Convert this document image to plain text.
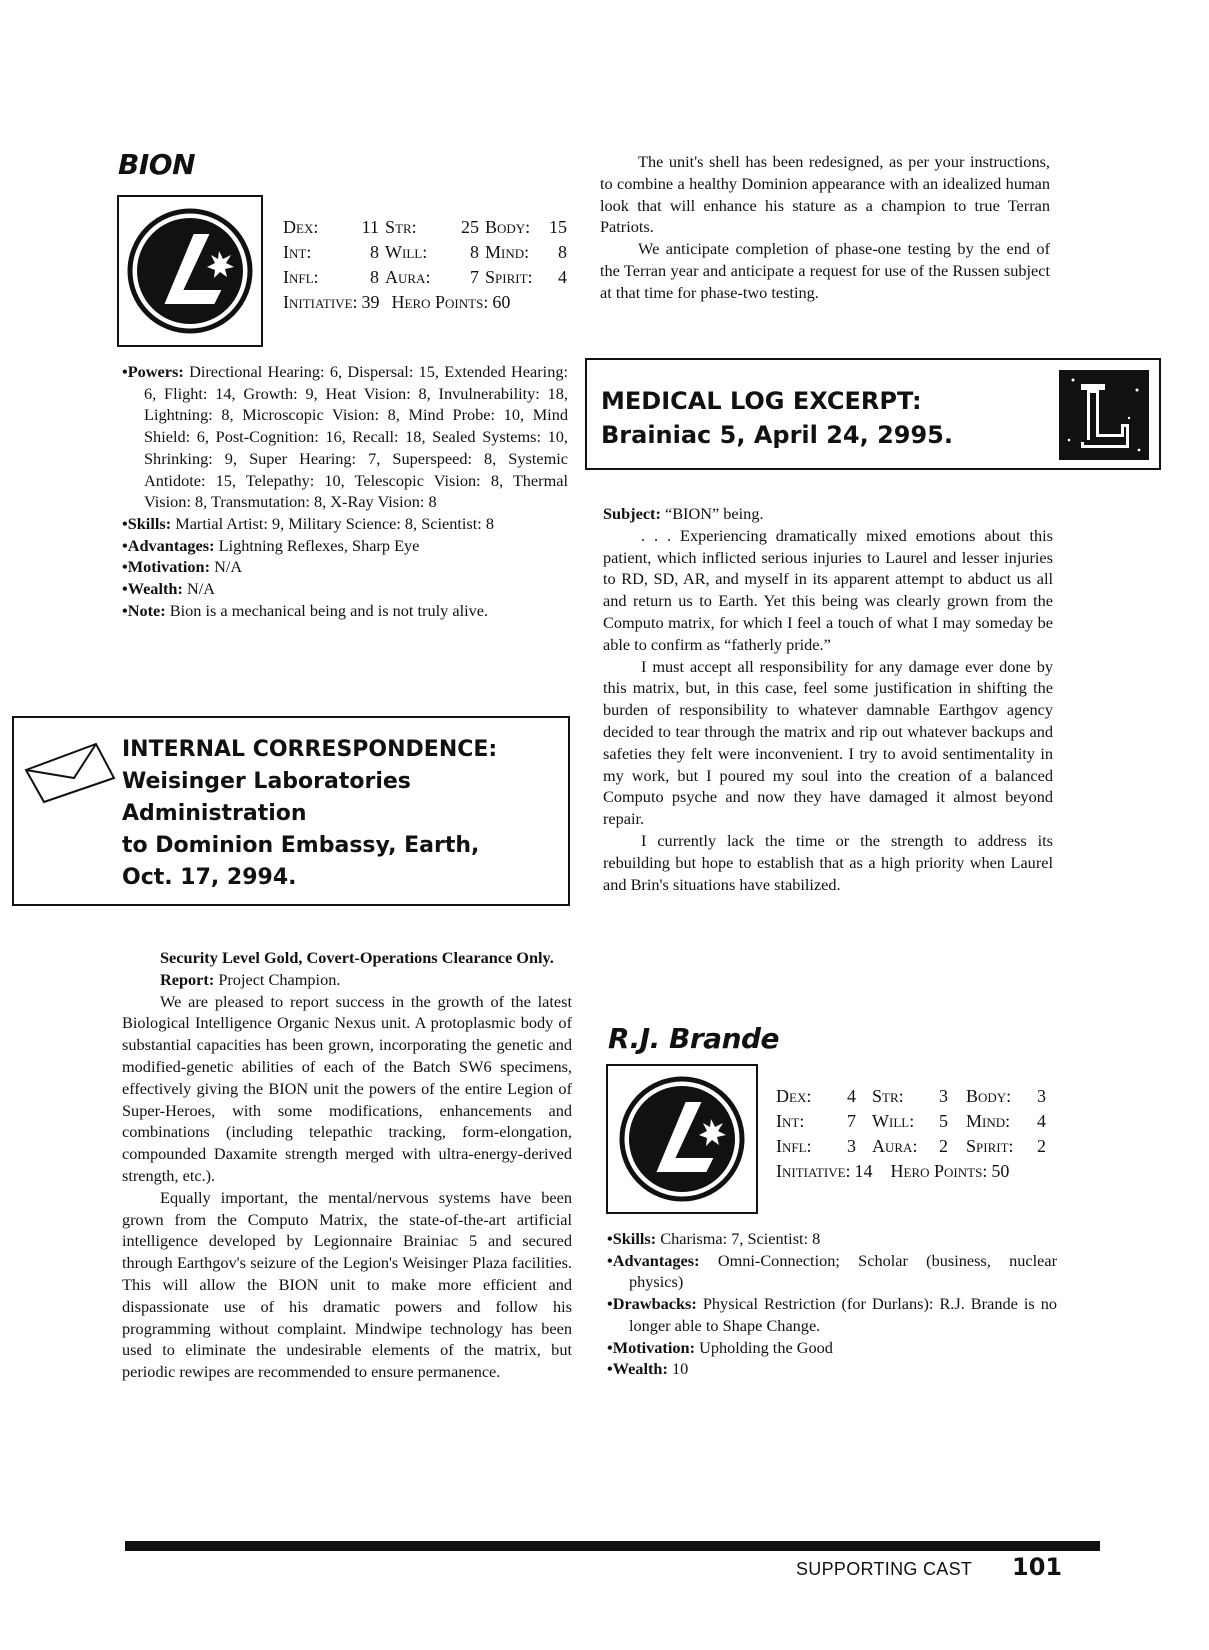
BION
Dex:	11 Str:	25 Body:	15
Int:	8 Will:	8 Mind:	8
Infl:	8 Aura:	7 Spirit:	4
Initiative: 39 Hero Points: 60
•Powers: Directional Hearing: 6, Dispersal: 15, Extended Hearing: 6, Flight: 14, Growth: 9, Heat Vision: 8, Invulnerability: 18, Lightning: 8, Microscopic Vision: 8, Mind Probe: 10, Mind Shield: 6, Post-Cognition: 16, Recall: 18, Sealed Systems: 10, Shrinking: 9, Super Hearing: 7, Superspeed: 8, Systemic Antidote: 15, Telepathy: 10, Telescopic Vision: 8, Thermal Vision: 8, Transmutation: 8, X-Ray Vision: 8
•Skills: Martial Artist: 9, Military Science: 8, Scientist: 8
•Advantages: Lightning Reflexes, Sharp Eye
•Motivation: N/A
•Wealth: N/A
•Note: Bion is a mechanical being and is not truly alive.
INTERNAL CORRESPONDENCE:
Weisinger Laboratories
Administration
to Dominion Embassy, Earth,
Oct. 17, 2994.

Security Level Gold, Covert-Operations Clearance Only.

Report: Project Champion.

We are pleased to report success in the growth of the latest Biological Intelligence Organic Nexus unit. A protoplasmic body of substantial capacities has been grown, incorporating the genetic and modified-genetic abilities of each of the Batch SW6 specimens, effectively giving the BION unit the powers of the entire Legion of Super-Heroes, with some modifications, enhancements and combinations (including telepathic tracking, form-elongation, compounded Daxamite strength merged with ultra-energy-derived strength, etc.).

Equally important, the mental/nervous systems have been grown from the Computo Matrix, the state-of-the-art artificial intelligence developed by Legionnaire Brainiac 5 and secured through Earthgov's seizure of the Legion's Weisinger Plaza facilities. This will allow the BION unit to make more efficient and dispassionate use of his dramatic powers and follow his programming without complaint. Mindwipe technology has been used to eliminate the undesirable elements of the matrix, but periodic rewipes are recommended to ensure permanence.

The unit's shell has been redesigned, as per your instructions, to combine a healthy Dominion appearance with an idealized human look that will enhance his stature as a champion to true Terran Patriots.

We anticipate completion of phase-one testing by the end of the Terran year and anticipate a request for use of the Russen subject at that time for phase-two testing.

MEDICAL LOG EXCERPT:
Brainiac 5, April 24, 2995.

Subject: “BION” being.

. . . Experiencing dramatically mixed emotions about this patient, which inflicted serious injuries to Laurel and lesser injuries to RD, SD, AR, and myself in its apparent attempt to abduct us all and return us to Earth. Yet this being was clearly grown from the Computo matrix, for which I feel a touch of what I may someday be able to confirm as “fatherly pride.”

I must accept all responsibility for any damage ever done by this matrix, but, in this case, feel some justification in shifting the burden of responsibility to whatever damnable Earthgov agency decided to tear through the matrix and rip out whatever backups and safeties they felt were inconvenient. I try to avoid sentimentality in my work, but I poured my soul into the creation of a balanced Computo psyche and now they have damaged it almost beyond repair.

I currently lack the time or the strength to address its rebuilding but hope to establish that as a high priority when Laurel and Brin's situations have stabilized.

R.J. Brande
Dex:	4 Str:	3	Body:	3
Int:	7 Will:	5	Mind:	4
Infl:	3 Aura:	2	Spirit:	2
Initiative: 14	Hero Points: 50
•Skills: Charisma: 7, Scientist: 8
•Advantages: Omni-Connection; Scholar (business, nuclear physics)
•Drawbacks: Physical Restriction (for Durlans): R.J. Brande is no longer able to Shape Change.
•Motivation: Upholding the Good
•Wealth: 10
SUPPORTING CAST 101
